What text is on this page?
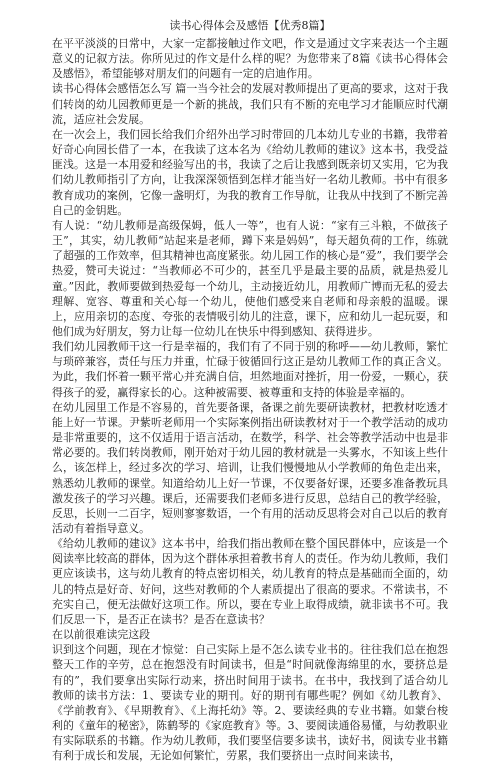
读书心得体会及感悟【优秀8篇】

在平平淡淡的日常中，大家一定都接触过作文吧，作文是通过文字来表达一个主题意义的记叙方法。你所见过的作文是什么样的呢？为您带来了8篇《读书心得体会及感悟》，希望能够对朋友们的问题有一定的启迪作用。

读书心得体会感悟怎么写 篇一当今社会的发展对教师提出了更高的要求，这对于我们转岗的幼儿园教师更是一个新的挑战，我们只有不断的充电学习才能顺应时代潮流，适应社会发展。

在一次会上，我们园长给我们介绍外出学习时带回的几本幼儿专业的书籍，我带着好奇心向园长借了一本，在我读了这本名为《给幼儿教师的建议》这本书，我受益匪浅。这是一本用爱和经验写出的书，我读了之后让我感到既亲切又实用，它为我们幼儿教师指引了方向，让我深深领悟到怎样才能当好一名幼儿教师。书中有很多教育成功的案例，它像一盏明灯，为我的教育工作导航，让我从中找到了不断完善自己的金钥匙。

有人说：“幼儿教师是高级保姆，低人一等”，也有人说：“家有三斗粮，不做孩子王”，其实，幼儿教师“站起来是老师，蹲下来是妈妈”，每天超负荷的工作，练就了超强的工作效率，但其精神也高度紧张。幼儿园工作的核心是“爱”，我们要学会热爱，赞可夫说过：“当教师必不可少的，甚至几乎是最主要的品质，就是热爱儿童。”因此，教师要做到热爱每一个幼儿，主动接近幼儿，用教师广博而无私的爱去理解、宽容、尊重和关心每一个幼儿，使他们感受来自老师和母亲般的温暖。课上，应用亲切的态度、夸张的表情吸引幼儿的注意，课下，应和幼儿一起玩耍，和他们成为好朋友，努力让每一位幼儿在快乐中得到感知、获得进步。

我们幼儿园教师干这一行是幸福的，我们有了不同于别的称呼——幼儿教师，繁忙与琐碎兼容，责任与压力并重，忙碌于彼循回行这正是幼儿教师工作的真正含义。为此，我们怀着一颗平常心并充满自信，坦然地面对挫折，用一份爱，一颗心，获得孩子的爱，赢得家长的心。这种被需要、被尊重和支持的体验是幸福的。

在幼儿园里工作是不容易的，首先要备课，备课之前先要研读教材，把教材吃透才能上好一节课。尹紫听老师用一个实际案例指出研读教材对于一个教学活动的成功是非常重要的，这不仅适用于语言活动，在数学，科学、社会等教学活动中也是非常必要的。我们转岗教师，刚开始对于幼儿园的教材就是一头雾水，不知该上些什么，该怎样上，经过多次的学习、培训，让我们慢慢地从小学教师的角色走出来，熟悉幼儿教师的课堂。知道给幼儿上好一节课，不仅要备好课，还要多准备教玩具激发孩子的学习兴趣。课后，还需要我们老师多进行反思，总结自己的教学经验，反思，长则一二百字，短则寥寥数语，一个有用的活动反思将会对自己以后的教育活动有着指导意义。

《给幼儿教师的建议》这本书中，给我们指出教师在整个国民群体中，应该是一个阅读率比较高的群体，因为这个群体承担着教书育人的责任。作为幼儿教师，我们更应该读书，这与幼儿教育的特点密切相关，幼儿教育的特点是基础而全面的，幼儿的特点是好奇、好问，这些对教师的个人素质提出了很高的要求。不常读书，不充实自己，便无法做好这项工作。所以，要在专业上取得成绩，就非读书不可。我们反思一下，是否正在读书？是否在意读书？

在以前很难读完这段

识到这个问题，现在才惊觉：自己实际上是不怎么读专业书的。往往我们总在抱怨整天工作的辛劳，总在抱怨没有时间读书，但是“时间就像海绵里的水，要挤总是有的”，我们要拿出实际行动来，挤出时间用于读书。在书中，我找到了适合幼儿教师的读书方法：1、要读专业的期刊。好的期刊有哪些呢？例如《幼儿教育》、《学前教育》、《早期教育》、《上海托幼》等。2、要读经典的专业书籍。如蒙台梭利的《童年的秘密》，陈鹤琴的《家庭教育》等。3、要阅读通俗易懂，与幼教职业有实际联系的书籍。作为幼儿教师，我们要坚信要多读书，读好书，阅读专业书籍有利于成长和发展，无论如何繁忙，劳累，我们要挤出一点时间来读书，
